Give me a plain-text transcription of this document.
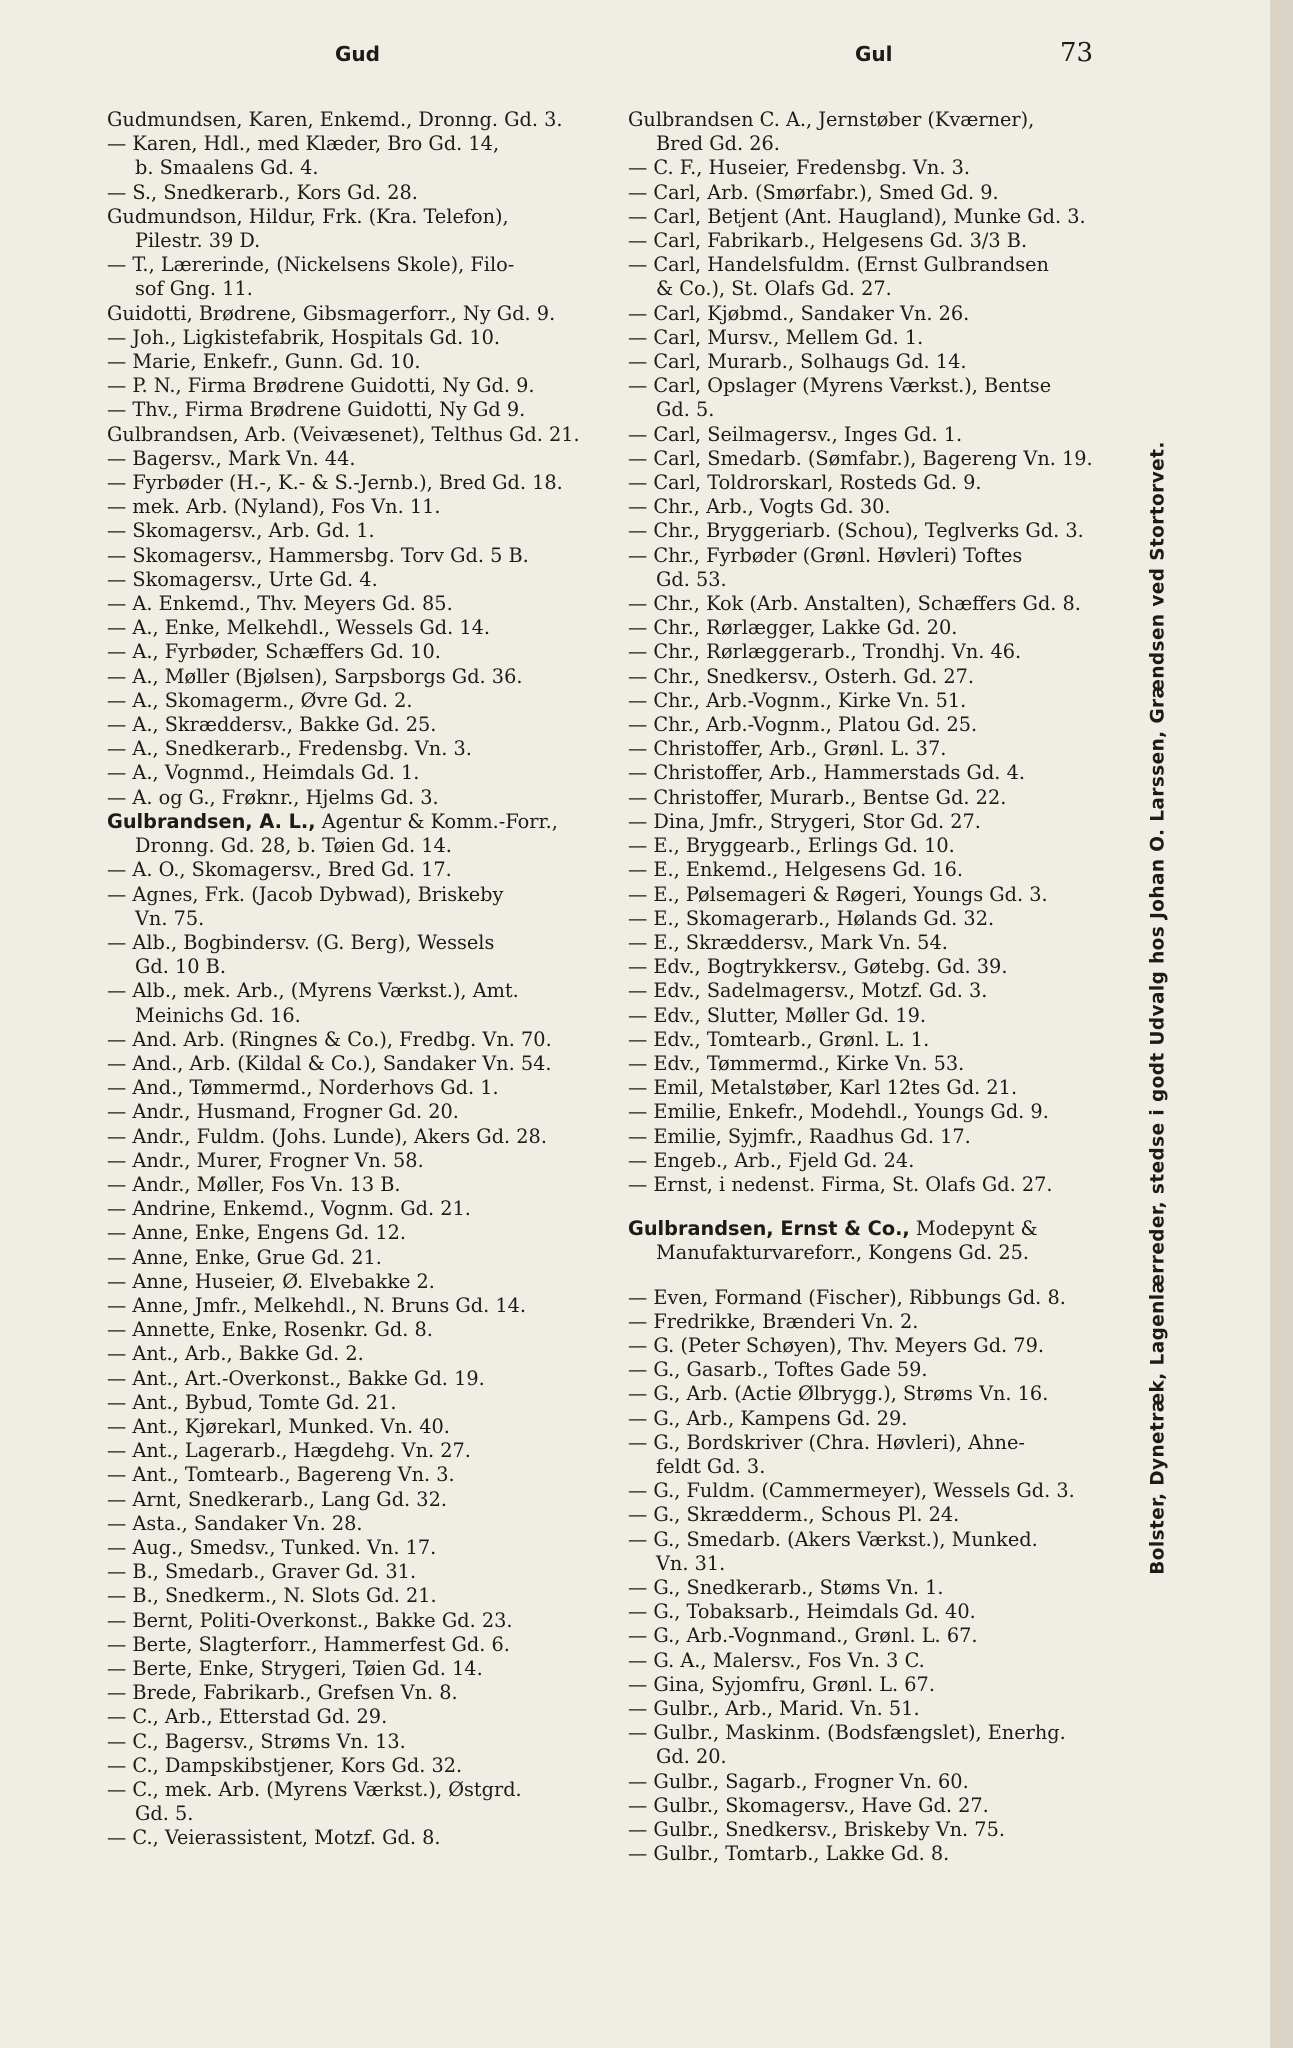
Gud	Gul	73
Gudmundsen, Karen, Enkemd., Dronng. Gd. 3.
— Karen, Hdl., med Klæder, Bro Gd. 14,
b. Smaalens Gd. 4.
— S., Snedkerarb., Kors Gd. 28.
Gudmundson, Hildur, Frk. (Kra. Telefon),
Pilestr. 39 D.
— T., Lærerinde, (Nickelsens Skole), Filo-
sof Gng. 11.
Guidotti, Brødrene, Gibsmagerforr., Ny Gd. 9.
— Joh., Ligkistefabrik, Hospitals Gd. 10.
— Marie, Enkefr., Gunn. Gd. 10.
— P. N., Firma Brødrene Guidotti, Ny Gd. 9.
— Thv., Firma Brødrene Guidotti, Ny Gd 9.
Gulbrandsen, Arb. (Veivæsenet), Telthus Gd. 21.
— Bagersv., Mark Vn. 44.
— Fyrbøder (H.-, K.- & S.-Jernb.), Bred Gd. 18.
— mek. Arb. (Nyland), Fos Vn. 11.
— Skomagersv., Arb. Gd. 1.
— Skomagersv., Hammersbg. Torv Gd. 5 B.
— Skomagersv., Urte Gd. 4.
— A. Enkemd., Thv. Meyers Gd. 85.
— A., Enke, Melkehdl., Wessels Gd. 14.
— A., Fyrbøder, Schæffers Gd. 10.
— A., Møller (Bjølsen), Sarpsborgs Gd. 36.
— A., Skomagerm., Øvre Gd. 2.
— A., Skræddersv., Bakke Gd. 25.
— A., Snedkerarb., Fredensbg. Vn. 3.
— A., Vognmd., Heimdals Gd. 1.
— A. og G., Frøknr., Hjelms Gd. 3.
Gulbrandsen, A. L., Agentur & Komm.-Forr.,
Dronng. Gd. 28, b. Tøien Gd. 14.
— A. O., Skomagersv., Bred Gd. 17.
— Agnes, Frk. (Jacob Dybwad), Briskeby
Vn. 75.
— Alb., Bogbindersv. (G. Berg), Wessels
Gd. 10 B.
— Alb., mek. Arb., (Myrens Værkst.), Amt.
Meinichs Gd. 16.
— And. Arb. (Ringnes & Co.), Fredbg. Vn. 70.
— And., Arb. (Kildal & Co.), Sandaker Vn. 54.
— And., Tømmermd., Norderhovs Gd. 1.
— Andr., Husmand, Frogner Gd. 20.
— Andr., Fuldm. (Johs. Lunde), Akers Gd. 28.
— Andr., Murer, Frogner Vn. 58.
— Andr., Møller, Fos Vn. 13 B.
— Andrine, Enkemd., Vognm. Gd. 21.
— Anne, Enke, Engens Gd. 12.
— Anne, Enke, Grue Gd. 21.
— Anne, Huseier, Ø. Elvebakke 2.
— Anne, Jmfr., Melkehdl., N. Bruns Gd. 14.
— Annette, Enke, Rosenkr. Gd. 8.
— Ant., Arb., Bakke Gd. 2.
— Ant., Art.-Overkonst., Bakke Gd. 19.
— Ant., Bybud, Tomte Gd. 21.
— Ant., Kjørekarl, Munked. Vn. 40.
— Ant., Lagerarb., Hægdehg. Vn. 27.
— Ant., Tomtearb., Bagereng Vn. 3.
— Arnt, Snedkerarb., Lang Gd. 32.
— Asta., Sandaker Vn. 28.
— Aug., Smedsv., Tunked. Vn. 17.
— B., Smedarb., Graver Gd. 31.
— B., Snedkerm., N. Slots Gd. 21.
— Bernt, Politi-Overkonst., Bakke Gd. 23.
— Berte, Slagterforr., Hammerfest Gd. 6.
— Berte, Enke, Strygeri, Tøien Gd. 14.
— Brede, Fabrikarb., Grefsen Vn. 8.
— C., Arb., Etterstad Gd. 29.
— C., Bagersv., Strøms Vn. 13.
— C., Dampskibstjener, Kors Gd. 32.
— C., mek. Arb. (Myrens Værkst.), Østgrd.
Gd. 5.
— C., Veierassistent, Motzf. Gd. 8.
Gulbrandsen C. A., Jernstøber (Kværner),
Bred Gd. 26.
— C. F., Huseier, Fredensbg. Vn. 3.
— Carl, Arb. (Smørfabr.), Smed Gd. 9.
— Carl, Betjent (Ant. Haugland), Munke Gd. 3.
— Carl, Fabrikarb., Helgesens Gd. 3/3 B.
— Carl, Handelsfuldm. (Ernst Gulbrandsen
& Co.), St. Olafs Gd. 27.
— Carl, Kjøbmd., Sandaker Vn. 26.
— Carl, Mursv., Mellem Gd. 1.
— Carl, Murarb., Solhaugs Gd. 14.
— Carl, Opslager (Myrens Værkst.), Bentse
Gd. 5.
— Carl, Seilmagersv., Inges Gd. 1.
— Carl, Smedarb. (Sømfabr.), Bagereng Vn. 19.
— Carl, Toldrorskarl, Rosteds Gd. 9.
— Chr., Arb., Vogts Gd. 30.
— Chr., Bryggeriarb. (Schou), Teglverks Gd. 3.
— Chr., Fyrbøder (Grønl. Høvleri) Toftes
Gd. 53.
— Chr., Kok (Arb. Anstalten), Schæffers Gd. 8.
— Chr., Rørlægger, Lakke Gd. 20.
— Chr., Rørlæggerarb., Trondhj. Vn. 46.
— Chr., Snedkersv., Osterh. Gd. 27.
— Chr., Arb.-Vognm., Kirke Vn. 51.
— Chr., Arb.-Vognm., Platou Gd. 25.
— Christoffer, Arb., Grønl. L. 37.
— Christoffer, Arb., Hammerstads Gd. 4.
— Christoffer, Murarb., Bentse Gd. 22.
— Dina, Jmfr., Strygeri, Stor Gd. 27.
— E., Bryggearb., Erlings Gd. 10.
— E., Enkemd., Helgesens Gd. 16.
— E., Pølsemageri & Røgeri, Youngs Gd. 3.
— E., Skomagerarb., Hølands Gd. 32.
— E., Skræddersv., Mark Vn. 54.
— Edv., Bogtrykkersv., Gøtebg. Gd. 39.
— Edv., Sadelmagersv., Motzf. Gd. 3.
— Edv., Slutter, Møller Gd. 19.
— Edv., Tomtearb., Grønl. L. 1.
— Edv., Tømmermd., Kirke Vn. 53.
— Emil, Metalstøber, Karl 12tes Gd. 21.
— Emilie, Enkefr., Modehdl., Youngs Gd. 9.
— Emilie, Syjmfr., Raadhus Gd. 17.
— Engeb., Arb., Fjeld Gd. 24.
— Ernst, i nedenst. Firma, St. Olafs Gd. 27.
Gulbrandsen, Ernst & Co., Modepynt &
Manufakturvareforr., Kongens Gd. 25.
— Even, Formand (Fischer), Ribbungs Gd. 8.
— Fredrikke, Brænderi Vn. 2.
— G. (Peter Schøyen), Thv. Meyers Gd. 79.
— G., Gasarb., Toftes Gade 59.
— G., Arb. (Actie Ølbrygg.), Strøms Vn. 16.
— G., Arb., Kampens Gd. 29.
— G., Bordskriver (Chra. Høvleri), Ahne-
feldt Gd. 3.
— G., Fuldm. (Cammermeyer), Wessels Gd. 3.
— G., Skrædderm., Schous Pl. 24.
— G., Smedarb. (Akers Værkst.), Munked.
Vn. 31.
— G., Snedkerarb., Støms Vn. 1.
— G., Tobaksarb., Heimdals Gd. 40.
— G., Arb.-Vognmand., Grønl. L. 67.
— G. A., Malersv., Fos Vn. 3 C.
— Gina, Syjomfru, Grønl. L. 67.
— Gulbr., Arb., Marid. Vn. 51.
— Gulbr., Maskinm. (Bodsfængslet), Enerhg.
Gd. 20.
— Gulbr., Sagarb., Frogner Vn. 60.
— Gulbr., Skomagersv., Have Gd. 27.
— Gulbr., Snedkersv., Briskeby Vn. 75.
— Gulbr., Tomtarb., Lakke Gd. 8.
Bolster, Dynetræk, Lagenlærreder, stedse i godt Udvalg hos Johan O. Larssen, Grændsen ved Stortorvet.
